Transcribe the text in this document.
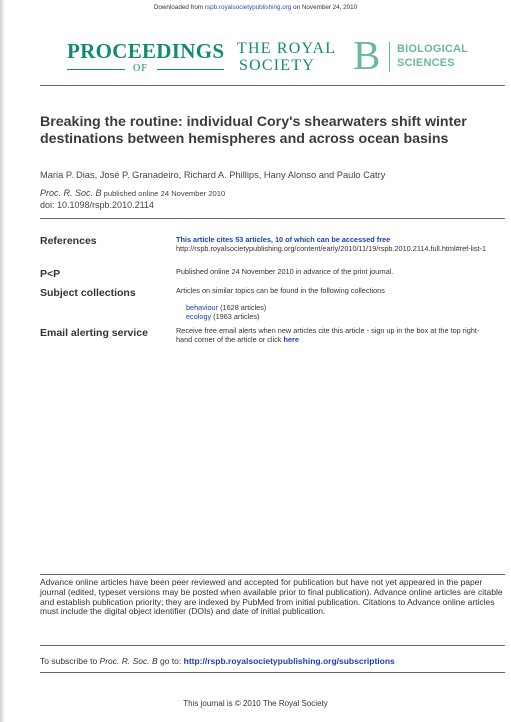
Downloaded from rspb.royalsocietypublishing.org on November 24, 2010
PROCEEDINGS
OF
THE ROYAL
SOCIETY B BIOLOGICAL
SCIENCES
Breaking the routine: individual Cory's shearwaters shift winter destinations between hemispheres and across ocean basins
Maria P. Dias, José P. Granadeiro, Richard A. Phillips, Hany Alonso and Paulo Catry
Proc. R. Soc. B published online 24 November 2010
doi: 10.1098/rspb.2010.2114
References	This article cites 53 articles, 10 of which can be accessed free
http://rspb.royalsocietypublishing.org/content/early/2010/11/19/rspb.2010.2114.full.html#ref-list-1
P<P	Published online 24 November 2010 in advance of the print journal.
Subject collections	Articles on similar topics can be found in the following collections
behaviour (1628 articles)
ecology (1963 articles)
Email alerting service	Receive free email alerts when new articles cite this article - sign up in the box at the top right-hand corner of the article or click here
Advance online articles have been peer reviewed and accepted for publication but have not yet appeared in the paper journal (edited, typeset versions may be posted when available prior to final publication). Advance online articles are citable and establish publication priority; they are indexed by PubMed from initial publication. Citations to Advance online articles must include the digital object identifier (DOIs) and date of initial publication.
To subscribe to Proc. R. Soc. B go to: http://rspb.royalsocietypublishing.org/subscriptions
This journal is © 2010 The Royal Society
